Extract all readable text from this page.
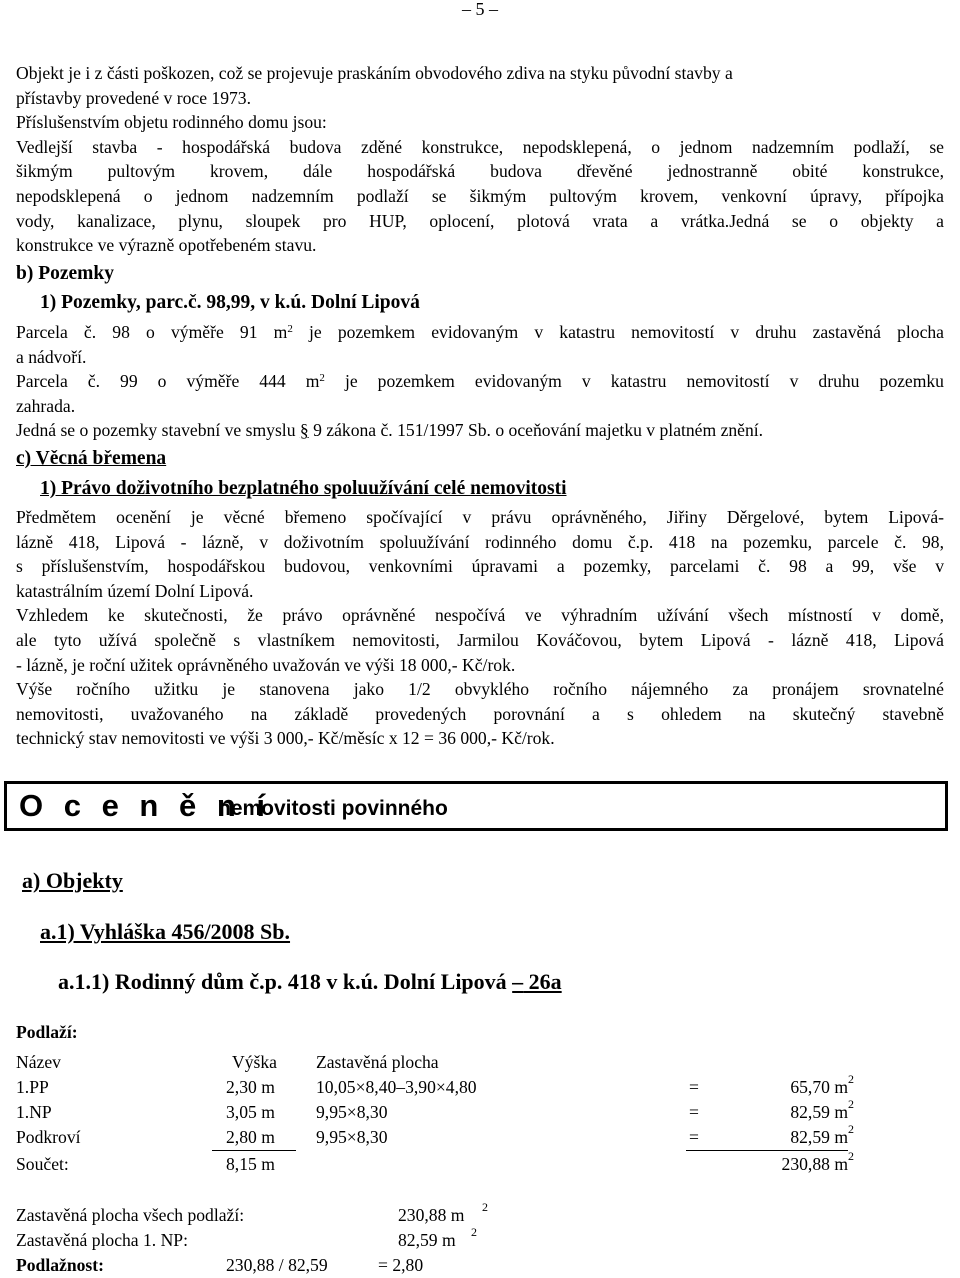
– 5 –
Objekt je i z části poškozen, což se projevuje praskáním obvodového zdiva na styku původní stavby a
přístavby provedené v roce 1973.
Příslušenstvím objetu rodinného domu jsou:
Vedlejší stavba - hospodářská budova zděné konstrukce, nepodsklepená, o jednom nadzemním podlaží, se
šikmým pultovým krovem, dále hospodářská budova dřevěné jednostranně obité konstrukce,
nepodsklepená o jednom nadzemním podlaží se šikmým pultovým krovem, venkovní úpravy, přípojka
vody, kanalizace, plynu, sloupek pro HUP, oplocení, plotová vrata a vrátka.Jedná se o objekty a
konstrukce ve výrazně opotřebeném stavu.
b) Pozemky
1) Pozemky, parc.č. 98,99, v k.ú. Dolní Lipová
Parcela č. 98 o výměře 91 $m^2$ je pozemkem evidovaným v katastru nemovitostí v druhu zastavěná plocha
a nádvoří.
Parcela č. 99 o výměře 444 $m^2$ je pozemkem evidovaným v katastru nemovitostí v druhu pozemku
zahrada.
Jedná se o pozemky stavební ve smyslu § 9 zákona č. 151/1997 Sb. o oceňování majetku v platném znění.
c) Věcná břemena
1) Právo doživotního bezplatného spoluužívání celé nemovitosti
Předmětem ocenění je věcné břemeno spočívající v právu oprávněného, Jiřiny Děrgelové, bytem Lipová-
lázně 418, Lipová - lázně, v doživotním spoluužívání rodinného domu č.p. 418 na pozemku, parcele č. 98,
s příslušenstvím, hospodářskou budovou, venkovními úpravami a pozemky, parcelami č. 98 a 99, vše v
katastrálním území Dolní Lipová.
Vzhledem ke skutečnosti, že právo oprávněné nespočívá ve výhradním užívání všech místností v domě,
ale tyto užívá společně s vlastníkem nemovitosti, Jarmilou Kováčovou, bytem Lipová - lázně 418, Lipová
- lázně, je roční užitek oprávněného uvažován ve výši 18 000,- Kč/rok.
Výše ročního užitku je stanovena jako 1/2 obvyklého ročního nájemného za pronájem srovnatelné
nemovitosti, uvažovaného na základě provedených porovnání a s ohledem na skutečný stavebně
technický stav nemovitosti ve výši 3 000,- Kč/měsíc x 12 = 36 000,- Kč/rok.
O c e n ě n í
nemovitosti povinného
a) Objekty
a.1) Vyhláška 456/2008 Sb.
a.1.1) Rodinný dům č.p. 418 v k.ú. Dolní Lipová – 26a
Podlaží:
Název	Výška Zastavěná plocha
1.PP	2,30 m 10,05×8,40–3,90×4,80	=	65,70 m 2
1.NP	3,05 m 9,95×8,30	=	82,59 m 2
Podkroví	2,80 m 9,95×8,30	=	82,59 m 2
Součet:	8,15 m	230,88 m 2
Zastavěná plocha všech podlaží:	230,88 m 2
Zastavěná plocha 1. NP:	82,59 m 2
Podlažnost:	230,88 / 82,59	= 2,80
